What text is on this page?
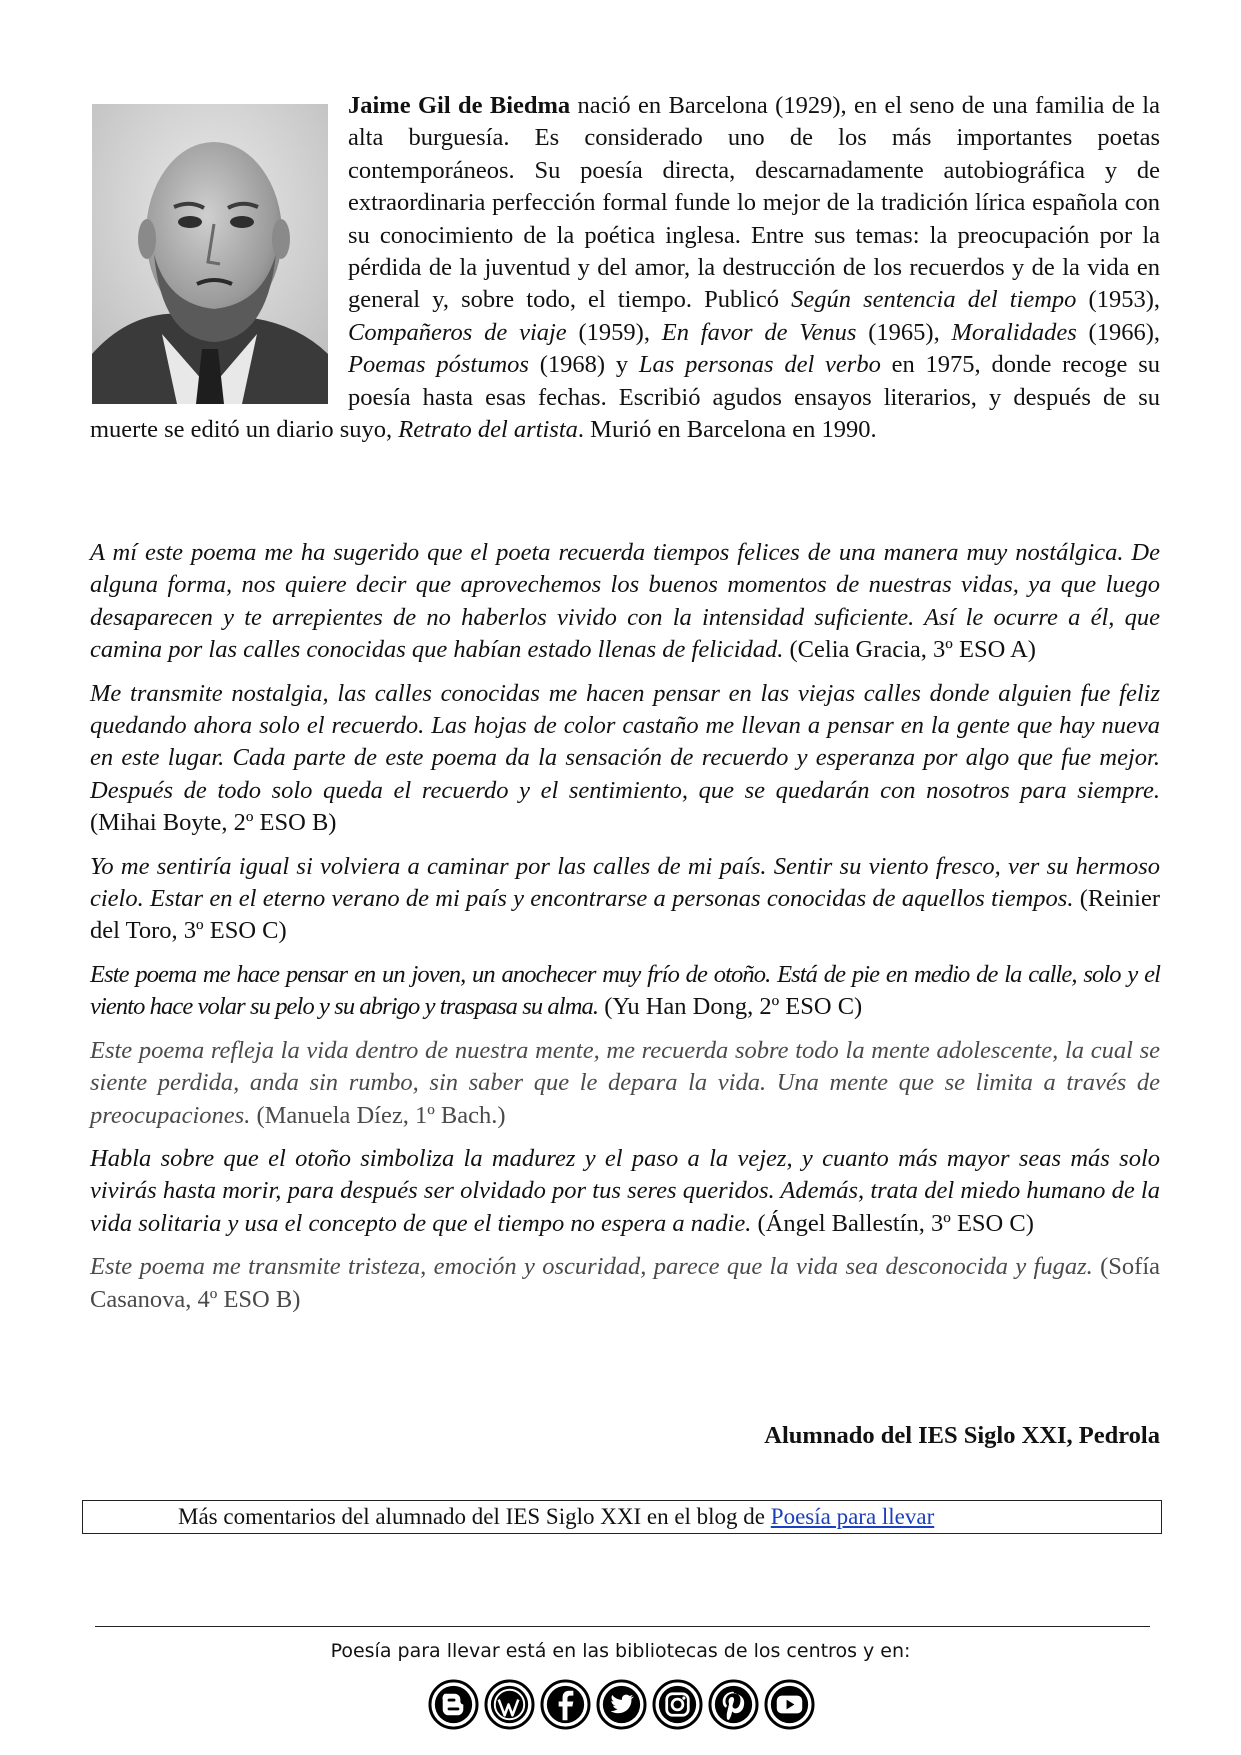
Jaime Gil de Biedma nació en Barcelona (1929), en el seno de una familia de la alta burguesía. Es considerado uno de los más importantes poetas contemporáneos. Su poesía directa, descarnadamente autobiográfica y de extraordinaria perfección formal funde lo mejor de la tradición lírica española con su conocimiento de la poética inglesa. Entre sus temas: la preocupación por la pérdida de la juventud y del amor, la destrucción de los recuerdos y de la vida en general y, sobre todo, el tiempo. Publicó Según sentencia del tiempo (1953), Compañeros de viaje (1959), En favor de Venus (1965), Moralidades (1966), Poemas póstumos (1968) y Las personas del verbo en 1975, donde recoge su poesía hasta esas fechas. Escribió agudos ensayos literarios, y después de su muerte se editó un diario suyo, Retrato del artista. Murió en Barcelona en 1990.

A mí este poema me ha sugerido que el poeta recuerda tiempos felices de una manera muy nostálgica. De alguna forma, nos quiere decir que aprovechemos los buenos momentos de nuestras vidas, ya que luego desaparecen y te arrepientes de no haberlos vivido con la intensidad suficiente. Así le ocurre a él, que camina por las calles conocidas que habían estado llenas de felicidad. (Celia Gracia, 3º ESO A)

Me transmite nostalgia, las calles conocidas me hacen pensar en las viejas calles donde alguien fue feliz quedando ahora solo el recuerdo. Las hojas de color castaño me llevan a pensar en la gente que hay nueva en este lugar. Cada parte de este poema da la sensación de recuerdo y esperanza por algo que fue mejor. Después de todo solo queda el recuerdo y el sentimiento, que se quedarán con nosotros para siempre. (Mihai Boyte, 2º ESO B)

Yo me sentiría igual si volviera a caminar por las calles de mi país. Sentir su viento fresco, ver su hermoso cielo. Estar en el eterno verano de mi país y encontrarse a personas conocidas de aquellos tiempos. (Reinier del Toro, 3º ESO C)

Este poema me hace pensar en un joven, un anochecer muy frío de otoño. Está de pie en medio de la calle, solo y el viento hace volar su pelo y su abrigo y traspasa su alma. (Yu Han Dong, 2º ESO C)

Este poema refleja la vida dentro de nuestra mente, me recuerda sobre todo la mente adolescente, la cual se siente perdida, anda sin rumbo, sin saber que le depara la vida. Una mente que se limita a través de preocupaciones. (Manuela Díez, 1º Bach.)

Habla sobre que el otoño simboliza la madurez y el paso a la vejez, y cuanto más mayor seas más solo vivirás hasta morir, para después ser olvidado por tus seres queridos. Además, trata del miedo humano de la vida solitaria y usa el concepto de que el tiempo no espera a nadie. (Ángel Ballestín, 3º ESO C)

Este poema me transmite tristeza, emoción y oscuridad, parece que la vida sea desconocida y fugaz. (Sofía Casanova, 4º ESO B)

Alumnado del IES Siglo XXI, Pedrola

Más comentarios del alumnado del IES Siglo XXI en el blog de Poesía para llevar

Poesía para llevar está en las bibliotecas de los centros y en:
